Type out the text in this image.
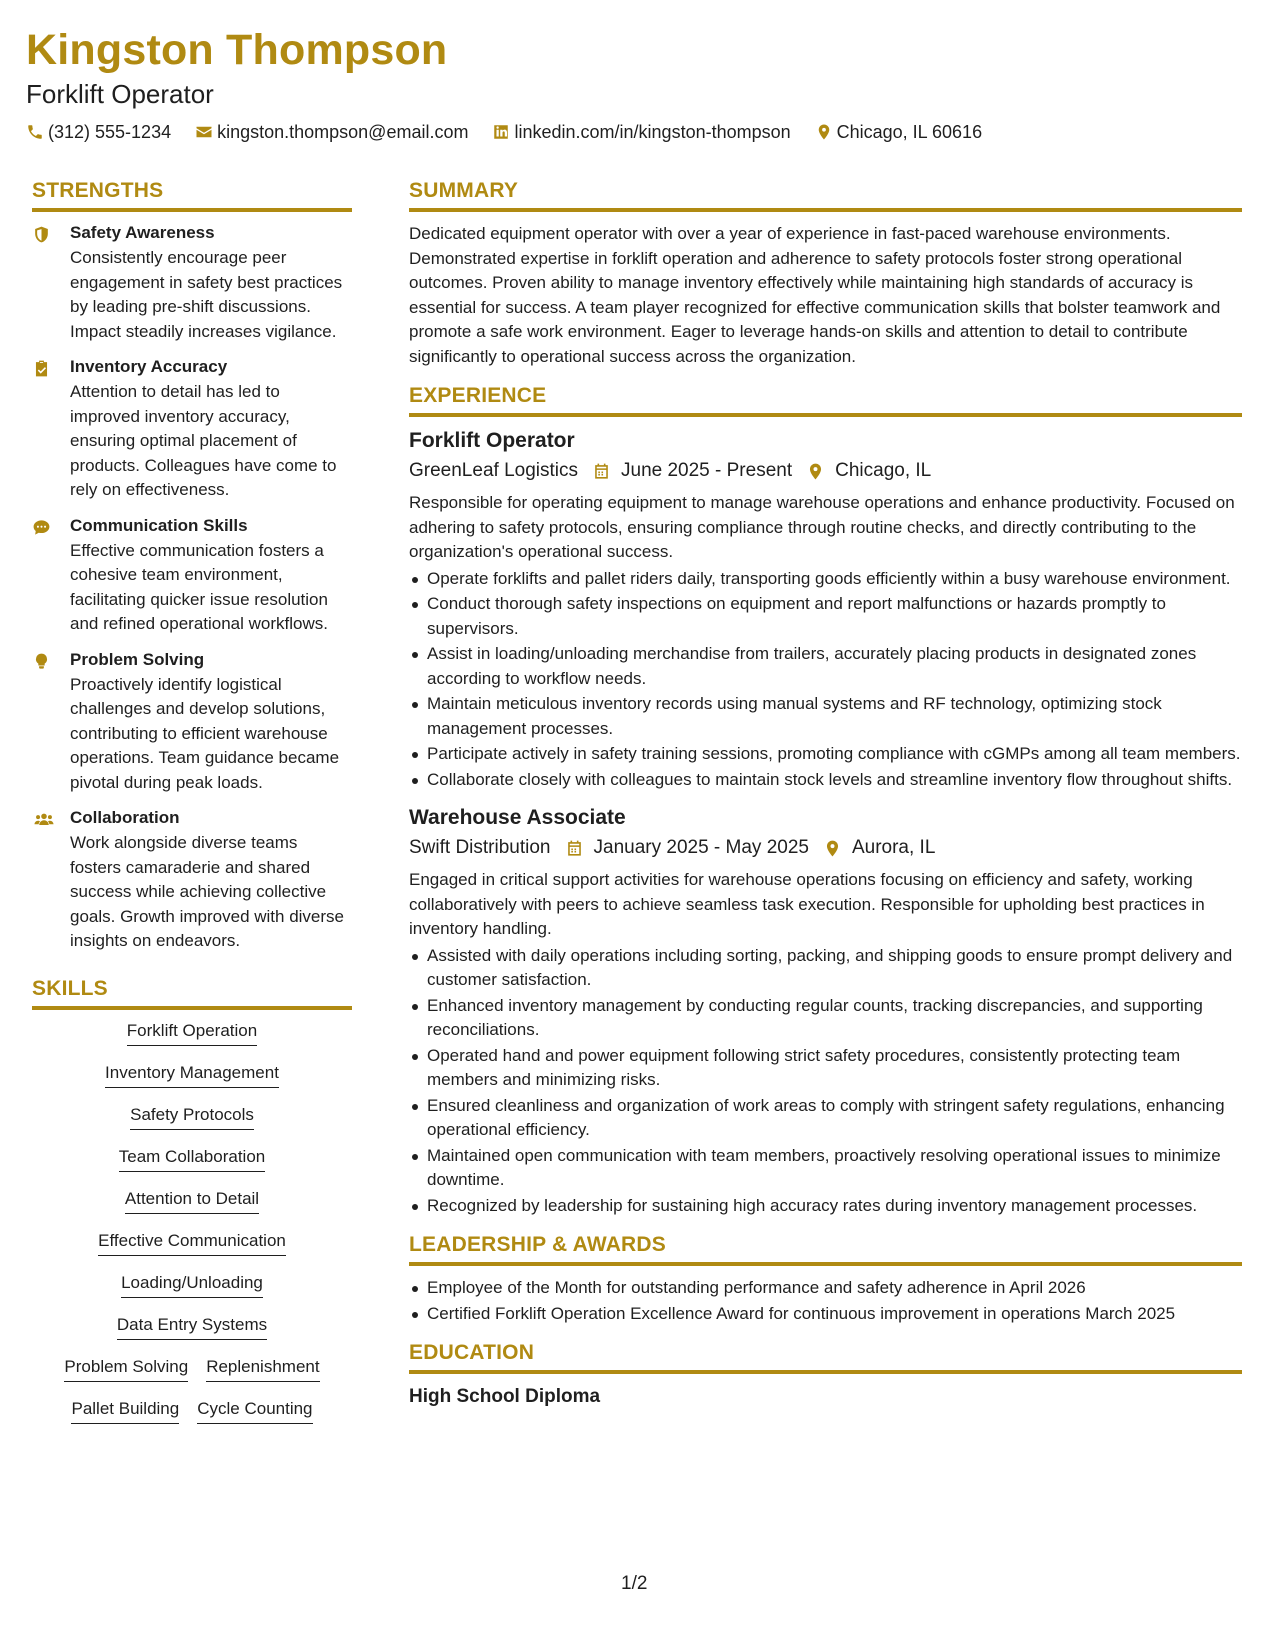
Kingston Thompson
Forklift Operator
(312) 555-1234	kingston.thompson@email.com	linkedin.com/in/kingston-thompson	Chicago, IL 60616
STRENGTHS
Safety Awareness
Consistently encourage peer engagement in safety best practices by leading pre-shift discussions. Impact steadily increases vigilance.
Inventory Accuracy
Attention to detail has led to improved inventory accuracy, ensuring optimal placement of products. Colleagues have come to rely on effectiveness.
Communication Skills
Effective communication fosters a cohesive team environment, facilitating quicker issue resolution and refined operational workflows.
Problem Solving
Proactively identify logistical challenges and develop solutions, contributing to efficient warehouse operations. Team guidance became pivotal during peak loads.
Collaboration
Work alongside diverse teams fosters camaraderie and shared success while achieving collective goals. Growth improved with diverse insights on endeavors.
SKILLS
Forklift Operation
Inventory Management
Safety Protocols
Team Collaboration
Attention to Detail
Effective Communication
Loading/Unloading
Data Entry Systems
Problem Solving Replenishment
Pallet Building Cycle Counting
SUMMARY
Dedicated equipment operator with over a year of experience in fast-paced warehouse environments. Demonstrated expertise in forklift operation and adherence to safety protocols foster strong operational outcomes. Proven ability to manage inventory effectively while maintaining high standards of accuracy is essential for success. A team player recognized for effective communication skills that bolster teamwork and promote a safe work environment. Eager to leverage hands-on skills and attention to detail to contribute significantly to operational success across the organization.
EXPERIENCE
Forklift Operator
GreenLeaf Logistics June 2025 - Present Chicago, IL
Responsible for operating equipment to manage warehouse operations and enhance productivity. Focused on adhering to safety protocols, ensuring compliance through routine checks, and directly contributing to the organization's operational success.
Operate forklifts and pallet riders daily, transporting goods efficiently within a busy warehouse environment.
Conduct thorough safety inspections on equipment and report malfunctions or hazards promptly to supervisors.
Assist in loading/unloading merchandise from trailers, accurately placing products in designated zones according to workflow needs.
Maintain meticulous inventory records using manual systems and RF technology, optimizing stock management processes.
Participate actively in safety training sessions, promoting compliance with cGMPs among all team members.
Collaborate closely with colleagues to maintain stock levels and streamline inventory flow throughout shifts.
Warehouse Associate
Swift Distribution January 2025 - May 2025 Aurora, IL
Engaged in critical support activities for warehouse operations focusing on efficiency and safety, working collaboratively with peers to achieve seamless task execution. Responsible for upholding best practices in inventory handling.
Assisted with daily operations including sorting, packing, and shipping goods to ensure prompt delivery and customer satisfaction.
Enhanced inventory management by conducting regular counts, tracking discrepancies, and supporting reconciliations.
Operated hand and power equipment following strict safety procedures, consistently protecting team members and minimizing risks.
Ensured cleanliness and organization of work areas to comply with stringent safety regulations, enhancing operational efficiency.
Maintained open communication with team members, proactively resolving operational issues to minimize downtime.
Recognized by leadership for sustaining high accuracy rates during inventory management processes.
LEADERSHIP & AWARDS
Employee of the Month for outstanding performance and safety adherence in April 2026
Certified Forklift Operation Excellence Award for continuous improvement in operations March 2025
EDUCATION
High School Diploma
1/2
